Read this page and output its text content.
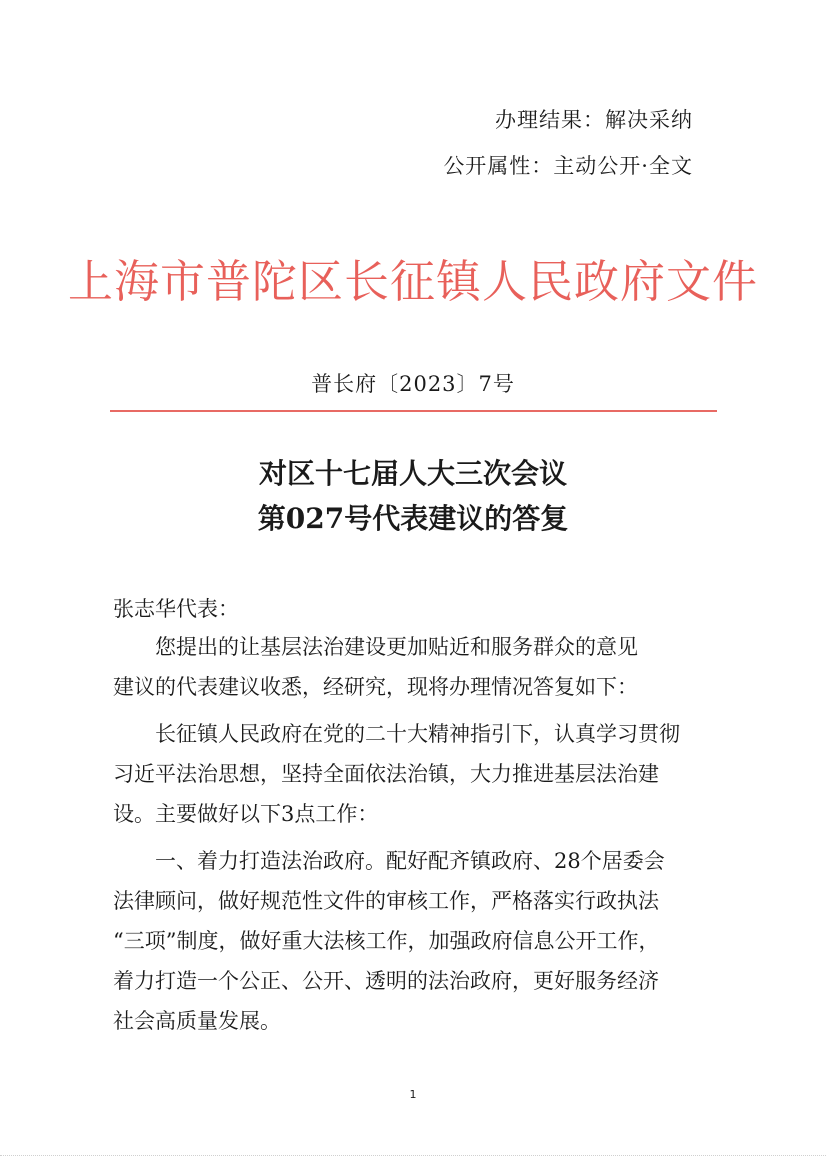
办理结果：解决采纳
公开属性：主动公开·全文
上海市普陀区长征镇人民政府文件
普长府〔2023〕7号
对区十七届人大三次会议
第027号代表建议的答复
张志华代表：
您提出的让基层法治建设更加贴近和服务群众的意见
建议的代表建议收悉，经研究，现将办理情况答复如下：
长征镇人民政府在党的二十大精神指引下，认真学习贯彻
习近平法治思想，坚持全面依法治镇，大力推进基层法治建
设。主要做好以下3点工作：
一、着力打造法治政府。配好配齐镇政府、28个居委会
法律顾问，做好规范性文件的审核工作，严格落实行政执法
“三项”制度，做好重大法核工作，加强政府信息公开工作，
着力打造一个公正、公开、透明的法治政府，更好服务经济
社会高质量发展。
1
